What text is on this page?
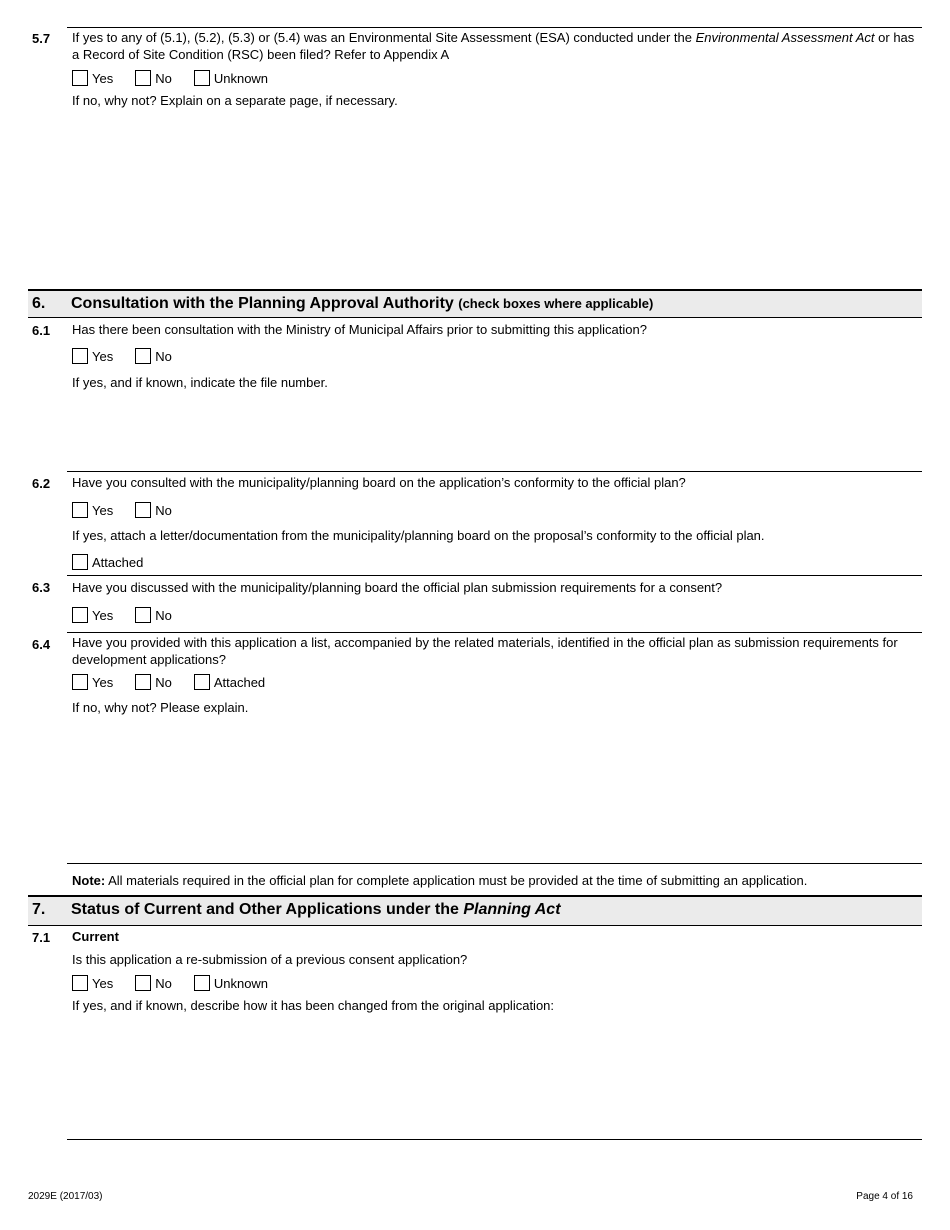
5.7 If yes to any of (5.1), (5.2), (5.3) or (5.4) was an Environmental Site Assessment (ESA) conducted under the Environmental Assessment Act or has a Record of Site Condition (RSC) been filed? Refer to Appendix A
Yes	No	Unknown
If no, why not? Explain on a separate page, if necessary.
6. Consultation with the Planning Approval Authority (check boxes where applicable)
6.1 Has there been consultation with the Ministry of Municipal Affairs prior to submitting this application?
Yes	No
If yes, and if known, indicate the file number.
6.2 Have you consulted with the municipality/planning board on the application’s conformity to the official plan?
Yes	No
If yes, attach a letter/documentation from the municipality/planning board on the proposal’s conformity to the official plan.
Attached
6.3 Have you discussed with the municipality/planning board the official plan submission requirements for a consent?
Yes	No
6.4 Have you provided with this application a list, accompanied by the related materials, identified in the official plan as submission requirements for development applications?
Yes	No	Attached
If no, why not? Please explain.
Note: All materials required in the official plan for complete application must be provided at the time of submitting an application.
7. Status of Current and Other Applications under the Planning Act
7.1 Current
Is this application a re-submission of a previous consent application?
Yes	No	Unknown
If yes, and if known, describe how it has been changed from the original application:
2029E (2017/03)	Page 4 of 16
